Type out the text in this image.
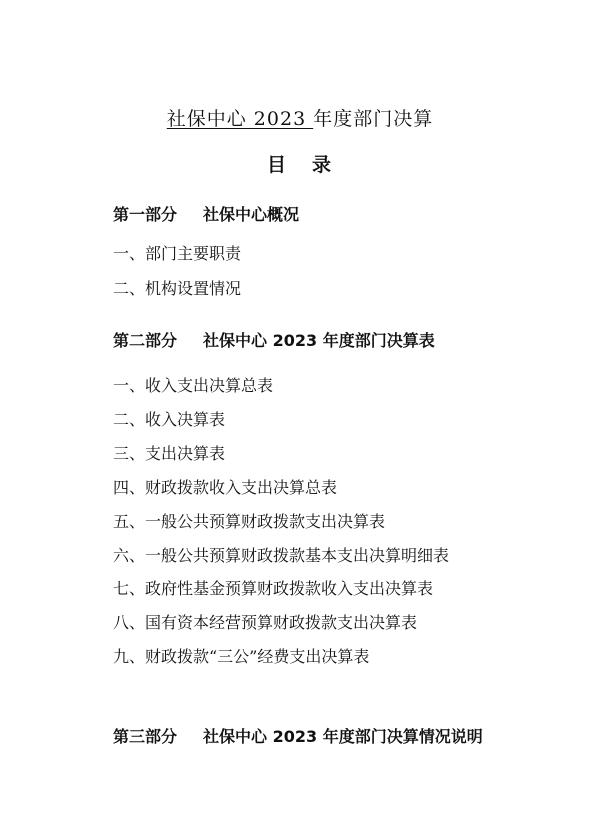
社保中心 2023 年度部门决算
目 录
第一部分 社保中心概况
一、部门主要职责
二、机构设置情况
第二部分 社保中心 2023 年度部门决算表
一、收入支出决算总表
二、收入决算表
三、支出决算表
四、财政拨款收入支出决算总表
五、一般公共预算财政拨款支出决算表
六、一般公共预算财政拨款基本支出决算明细表
七、政府性基金预算财政拨款收入支出决算表
八、国有资本经营预算财政拨款支出决算表
九、财政拨款“三公”经费支出决算表
第三部分 社保中心 2023 年度部门决算情况说明
